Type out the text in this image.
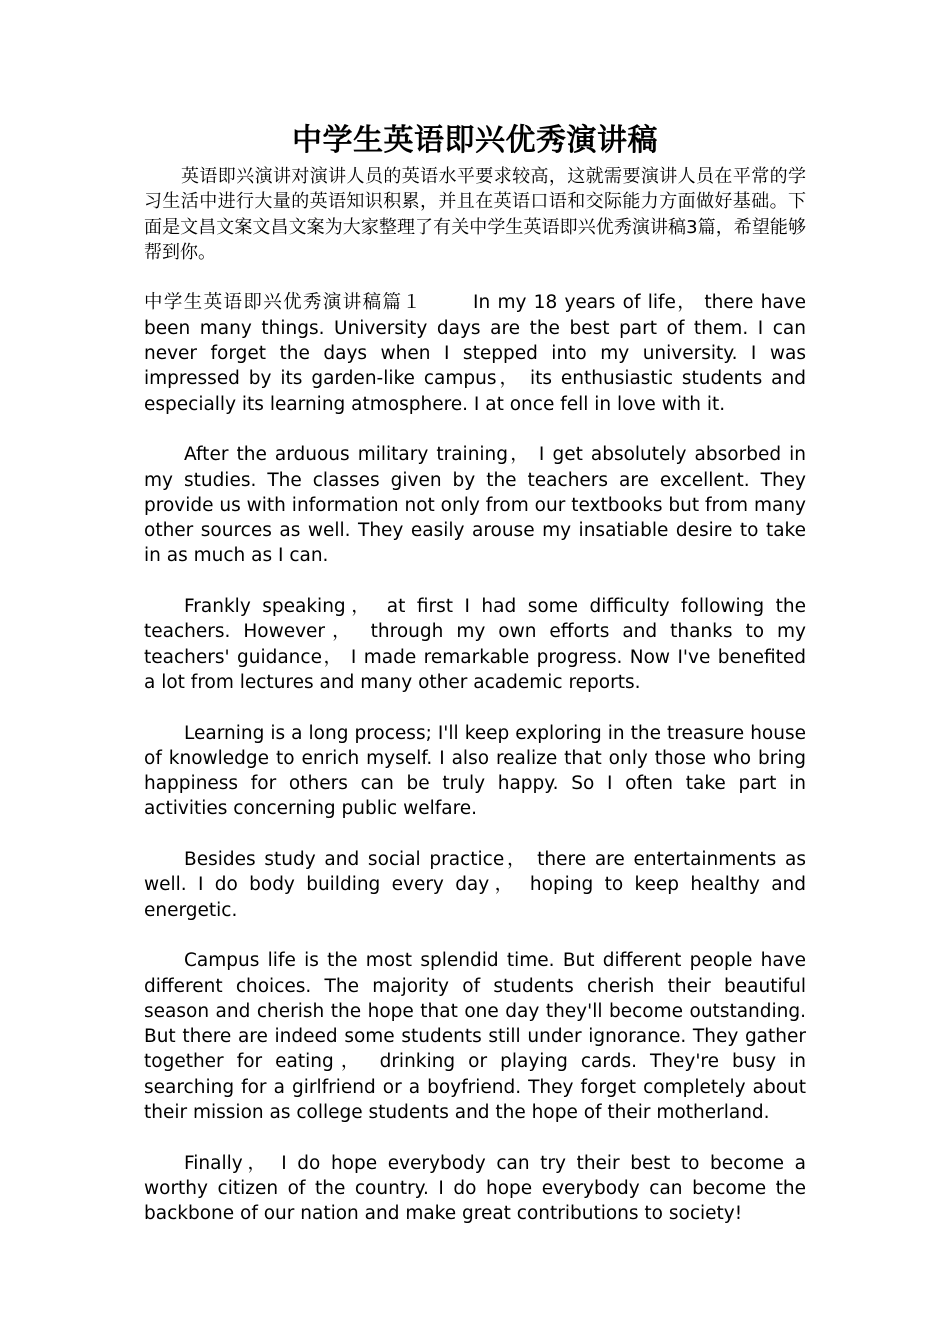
中学生英语即兴优秀演讲稿

英语即兴演讲对演讲人员的英语水平要求较高，这就需要演讲人员在平常的学习生活中进行大量的英语知识积累，并且在英语口语和交际能力方面做好基础。下面是文昌文案文昌文案为大家整理了有关中学生英语即兴优秀演讲稿3篇，希望能够帮到你。

中学生英语即兴优秀演讲稿篇１	In my 18 years of life， there have been many things. University days are the best part of them. I can never forget the days when I stepped into my university. I was impressed by its garden-like campus， its enthusiastic students and especially its learning atmosphere. I at once fell in love with it.

After the arduous military training， I get absolutely absorbed in my studies. The classes given by the teachers are excellent. They provide us with information not only from our textbooks but from many other sources as well. They easily arouse my insatiable desire to take in as much as I can.

Frankly speaking， at first I had some difficulty following the teachers. However， through my own efforts and thanks to my teachers' guidance， I made remarkable progress. Now I've benefited a lot from lectures and many other academic reports.

Learning is a long process; I'll keep exploring in the treasure house of knowledge to enrich myself. I also realize that only those who bring happiness for others can be truly happy. So I often take part in activities concerning public welfare.

Besides study and social practice， there are entertainments as well. I do body building every day， hoping to keep healthy and energetic.

Campus life is the most splendid time. But different people have different choices. The majority of students cherish their beautiful season and cherish the hope that one day they'll become outstanding. But there are indeed some students still under ignorance. They gather together for eating， drinking or playing cards. They're busy in searching for a girlfriend or a boyfriend. They forget completely about their mission as college students and the hope of their motherland.

Finally， I do hope everybody can try their best to become a worthy citizen of the country. I do hope everybody can become the backbone of our nation and make great contributions to society!
